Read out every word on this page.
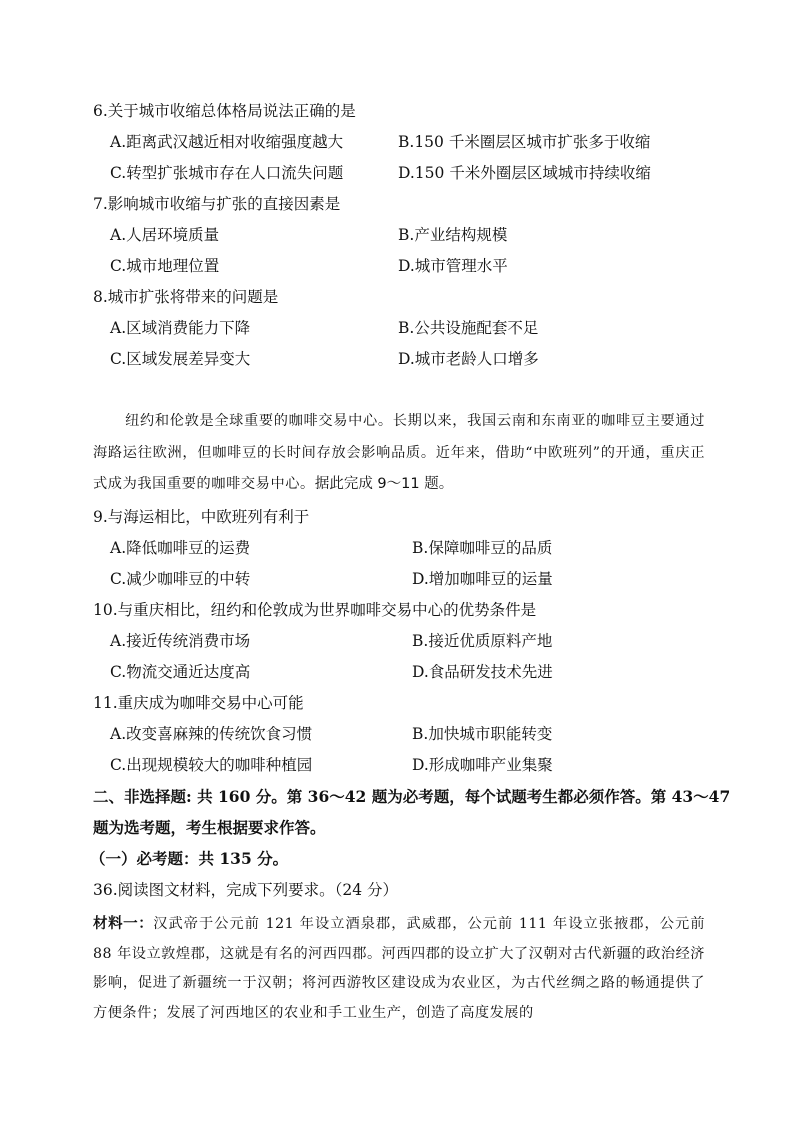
6.关于城市收缩总体格局说法正确的是
A.距离武汉越近相对收缩强度越大	B.150 千米圈层区城市扩张多于收缩
C.转型扩张城市存在人口流失问题	D.150 千米外圈层区域城市持续收缩
7.影响城市收缩与扩张的直接因素是
A.人居环境质量	B.产业结构规模
C.城市地理位置	D.城市管理水平
8.城市扩张将带来的问题是
A.区域消费能力下降	B.公共设施配套不足
C.区域发展差异变大	D.城市老龄人口增多
纽约和伦敦是全球重要的咖啡交易中心。长期以来，我国云南和东南亚的咖啡豆主要通过海路运往欧洲，但咖啡豆的长时间存放会影响品质。近年来，借助“中欧班列”的开通，重庆正式成为我国重要的咖啡交易中心。据此完成 9～11 题。
9.与海运相比，中欧班列有利于
A.降低咖啡豆的运费	B.保障咖啡豆的品质
C.减少咖啡豆的中转	D.增加咖啡豆的运量
10.与重庆相比，纽约和伦敦成为世界咖啡交易中心的优势条件是
A.接近传统消费市场	B.接近优质原料产地
C.物流交通近达度高	D.食品研发技术先进
11.重庆成为咖啡交易中心可能
A.改变喜麻辣的传统饮食习惯	B.加快城市职能转变
C.出现规模较大的咖啡种植园	D.形成咖啡产业集聚
二、非选择题: 共 160 分。第 36～42 题为必考题，每个试题考生都必须作答。第 43～47
题为选考题，考生根据要求作答。
（一）必考题：共 135 分。
36.阅读图文材料，完成下列要求。（24 分）
材料一：汉武帝于公元前 121 年设立酒泉郡，武威郡，公元前 111 年设立张掖郡，公元前 88 年设立敦煌郡，这就是有名的河西四郡。河西四郡的设立扩大了汉朝对古代新疆的政治经济影响，促进了新疆统一于汉朝；将河西游牧区建设成为农业区，为古代丝绸之路的畅通提供了方便条件；发展了河西地区的农业和手工业生产，创造了高度发展的
